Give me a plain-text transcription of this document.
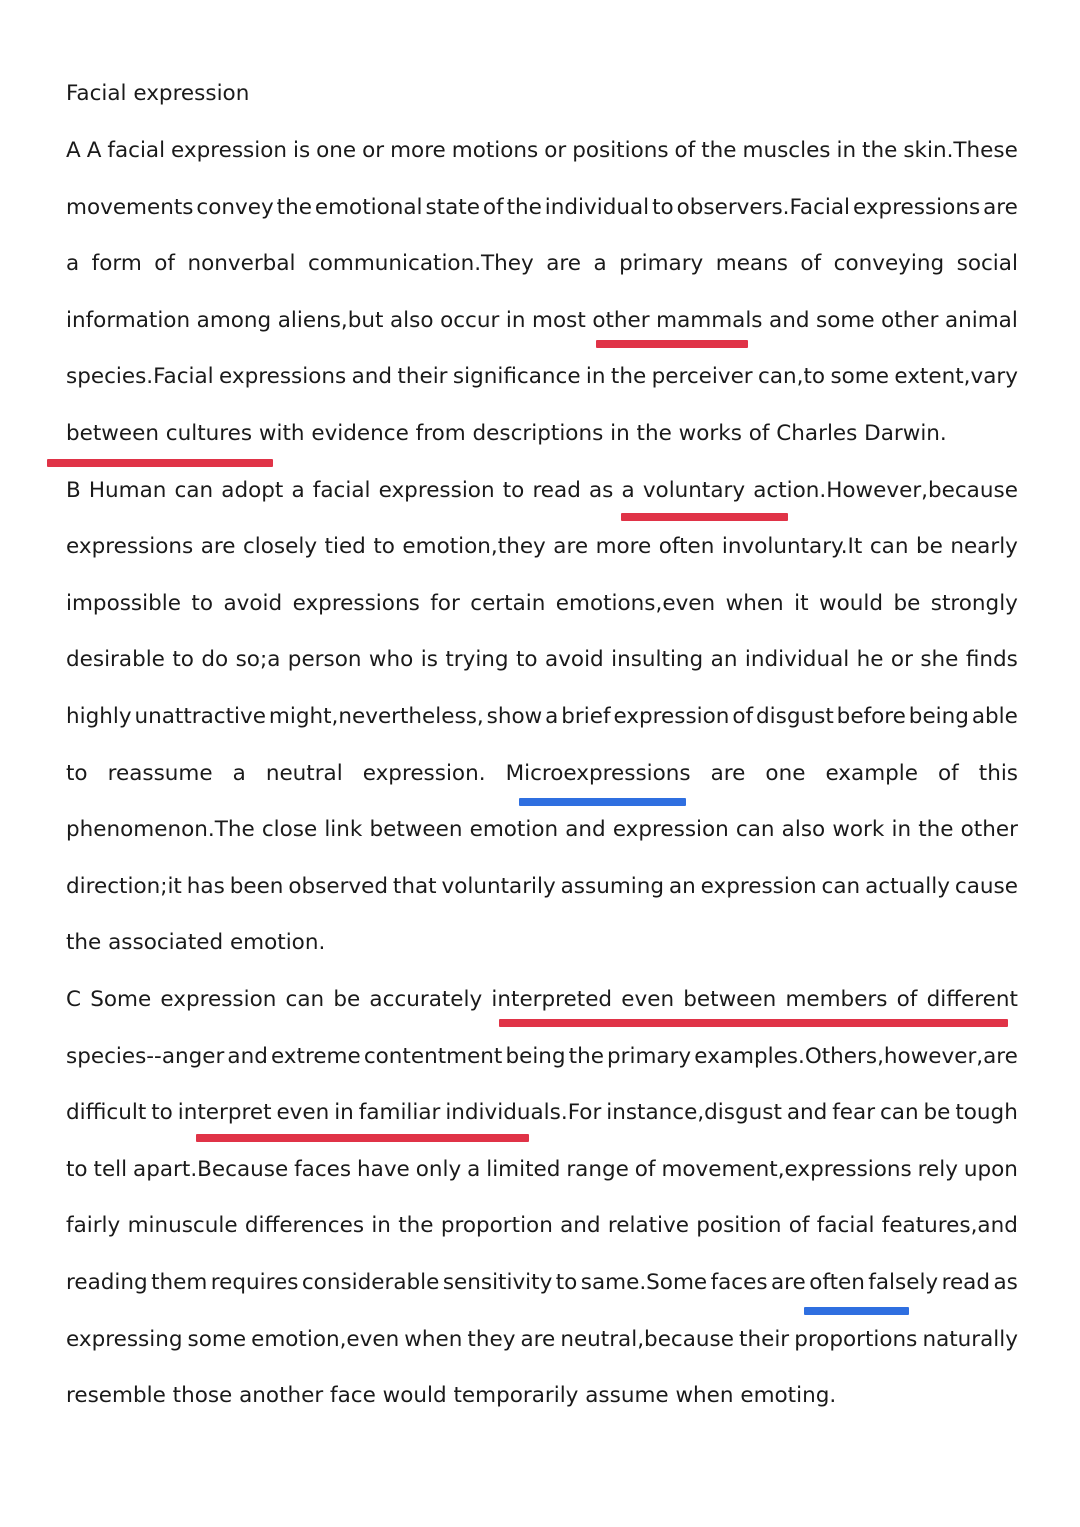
Facial expression
A A facial expression is one or more motions or positions of the muscles in the skin.These
movements convey the emotional state of the individual to observers.Facial expressions are
a form of nonverbal communication.They are a primary means of conveying social
information among aliens,but also occur in most other mammals and some other animal
species.Facial expressions and their significance in the perceiver can,to some extent,vary
between cultures with evidence from descriptions in the works of Charles Darwin.
B Human can adopt a facial expression to read as a voluntary action.However,because
expressions are closely tied to emotion,they are more often involuntary.It can be nearly
impossible to avoid expressions for certain emotions,even when it would be strongly
desirable to do so;a person who is trying to avoid insulting an individual he or she finds
highly unattractive might,nevertheless, show a brief expression of disgust before being able
to reassume a neutral expression. Microexpressions are one example of this
phenomenon.The close link between emotion and expression can also work in the other
direction;it has been observed that voluntarily assuming an expression can actually cause
the associated emotion.
C Some expression can be accurately interpreted even between members of different
species--anger and extreme contentment being the primary examples.Others,however,are
difficult to interpret even in familiar individuals.For instance,disgust and fear can be tough
to tell apart.Because faces have only a limited range of movement,expressions rely upon
fairly minuscule differences in the proportion and relative position of facial features,and
reading them requires considerable sensitivity to same.Some faces are often falsely read as
expressing some emotion,even when they are neutral,because their proportions naturally
resemble those another face would temporarily assume when emoting.
